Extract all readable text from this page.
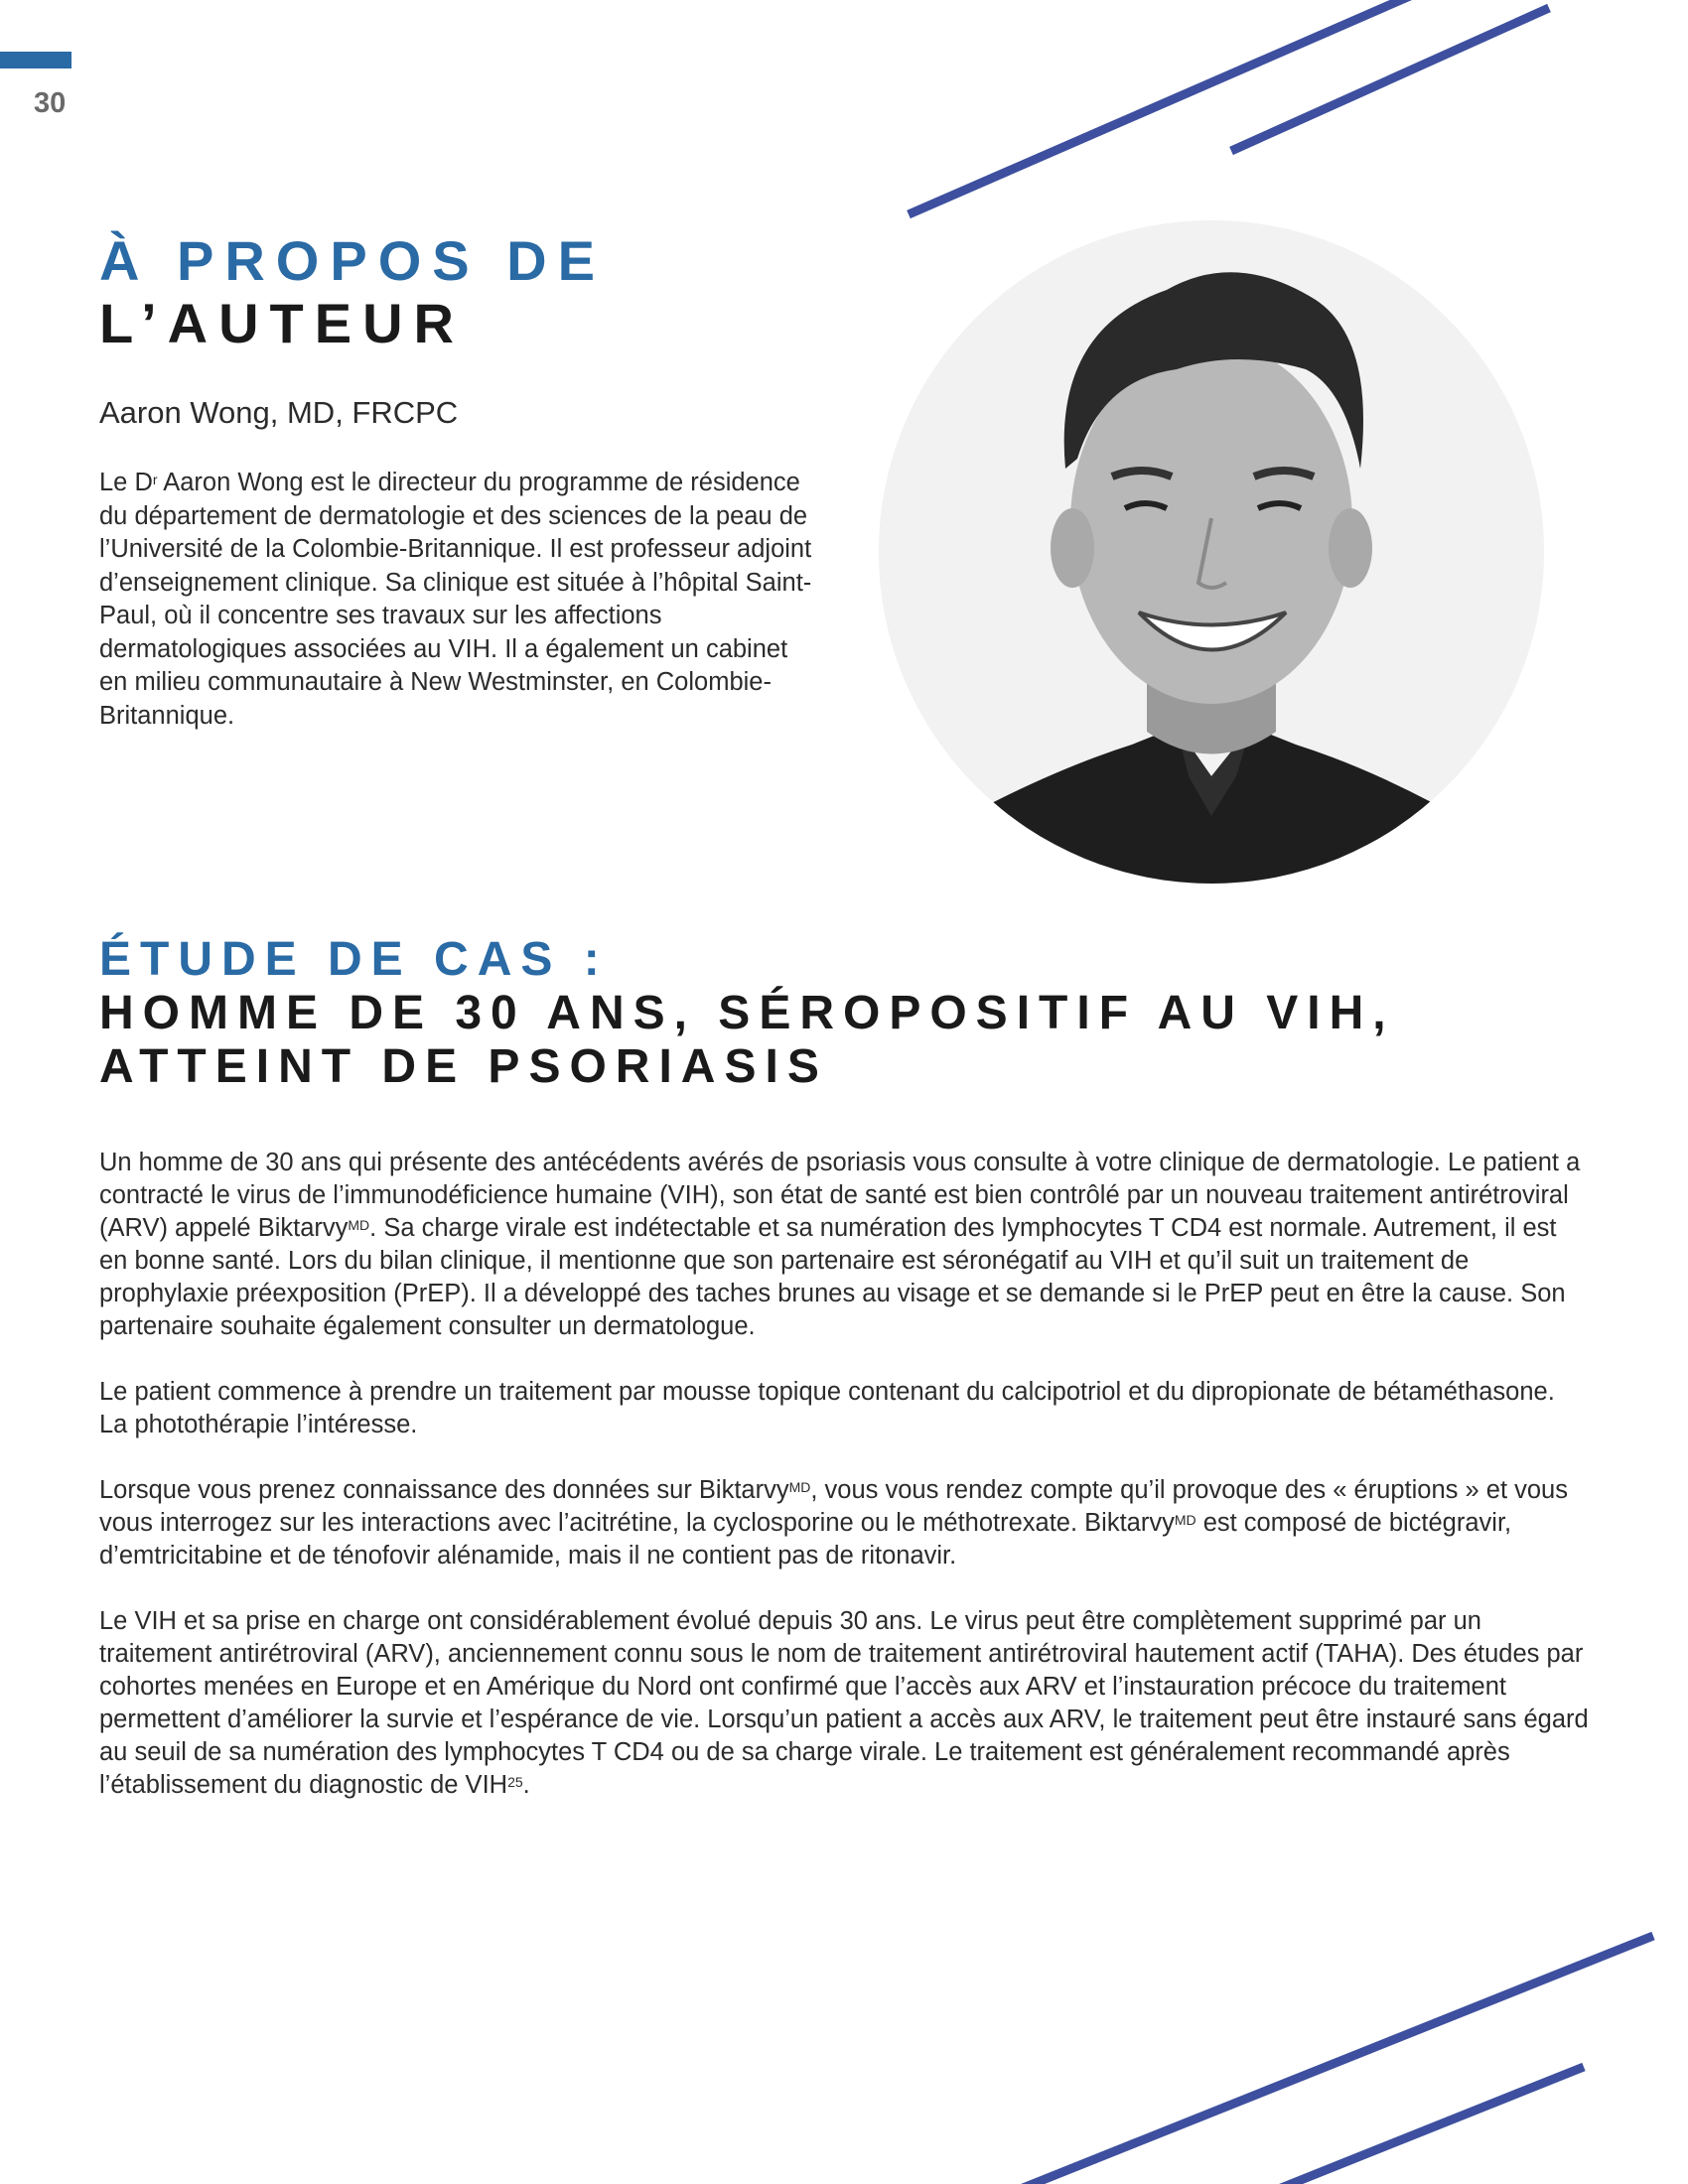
30
À PROPOS DE
L’AUTEUR
Aaron Wong, MD, FRCPC

Le $D^r$ Aaron Wong est le directeur du programme de résidence du département de dermatologie et des sciences de la peau de l’Université de la Colombie-Britannique. Il est professeur adjoint d’enseignement clinique. Sa clinique est située à l’hôpital Saint-Paul, où il concentre ses travaux sur les affections dermatologiques associées au VIH. Il a également un cabinet en milieu communautaire à New Westminster, en Colombie-Britannique.

ÉTUDE DE CAS :
HOMME DE 30 ANS, SÉROPOSITIF AU VIH,
ATTEINT DE PSORIASIS

Un homme de 30 ans qui présente des antécédents avérés de psoriasis vous consulte à votre clinique de dermatologie. Le patient a contracté le virus de l’immunodéficience humaine (VIH), son état de santé est bien contrôlé par un nouveau traitement antirétroviral (ARV) appelé Biktarvy$^{MD}$. Sa charge virale est indétectable et sa numération des lymphocytes T CD4 est normale. Autrement, il est en bonne santé. Lors du bilan clinique, il mentionne que son partenaire est séronégatif au VIH et qu’il suit un traitement de prophylaxie préexposition (PrEP). Il a développé des taches brunes au visage et se demande si le PrEP peut en être la cause. Son partenaire souhaite également consulter un dermatologue.

Le patient commence à prendre un traitement par mousse topique contenant du calcipotriol et du dipropionate de bétaméthasone. La photothérapie l’intéresse.

Lorsque vous prenez connaissance des données sur Biktarvy$^{MD}$, vous vous rendez compte qu’il provoque des « éruptions » et vous vous interrogez sur les interactions avec l’acitrétine, la cyclosporine ou le méthotrexate. Biktarvy$^{MD}$ est composé de bictégravir, d’emtricitabine et de ténofovir alénamide, mais il ne contient pas de ritonavir.

Le VIH et sa prise en charge ont considérablement évolué depuis 30 ans. Le virus peut être complètement supprimé par un traitement antirétroviral (ARV), anciennement connu sous le nom de traitement antirétroviral hautement actif (TAHA). Des études par cohortes menées en Europe et en Amérique du Nord ont confirmé que l’accès aux ARV et l’instauration précoce du traitement permettent d’améliorer la survie et l’espérance de vie. Lorsqu’un patient a accès aux ARV, le traitement peut être instauré sans égard au seuil de sa numération des lymphocytes T CD4 ou de sa charge virale. Le traitement est généralement recommandé après l’établissement du diagnostic de VIH$^{25}$.
